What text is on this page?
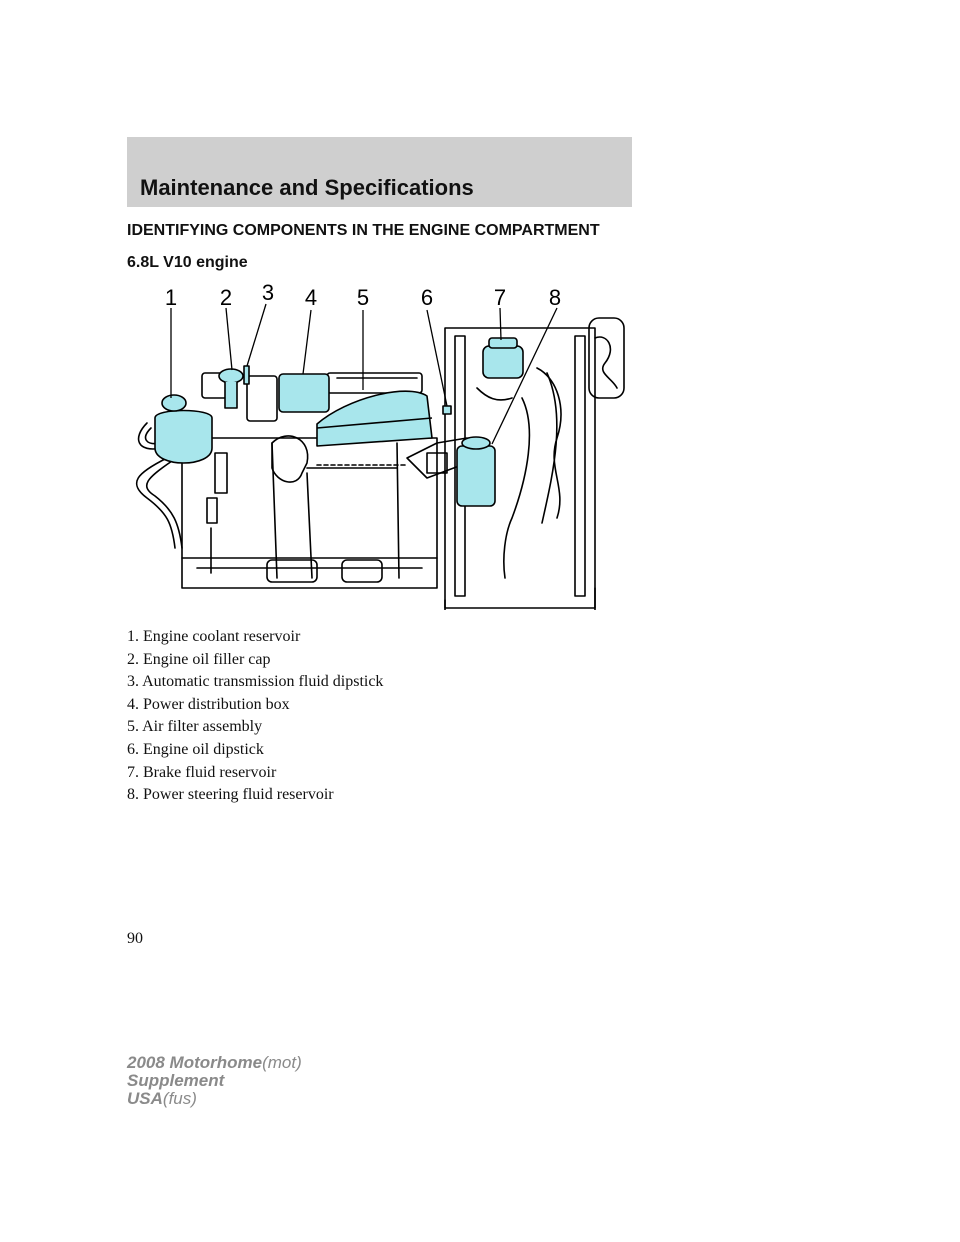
Maintenance and Specifications
IDENTIFYING COMPONENTS IN THE ENGINE COMPARTMENT
6.8L V10 engine
1 2 3 4 5 6	7 8
1. Engine coolant reservoir
2. Engine oil filler cap
3. Automatic transmission fluid dipstick
4. Power distribution box
5. Air filter assembly
6. Engine oil dipstick
7. Brake fluid reservoir
8. Power steering fluid reservoir
90
2008 Motorhome(mot)
Supplement
USA(fus)
